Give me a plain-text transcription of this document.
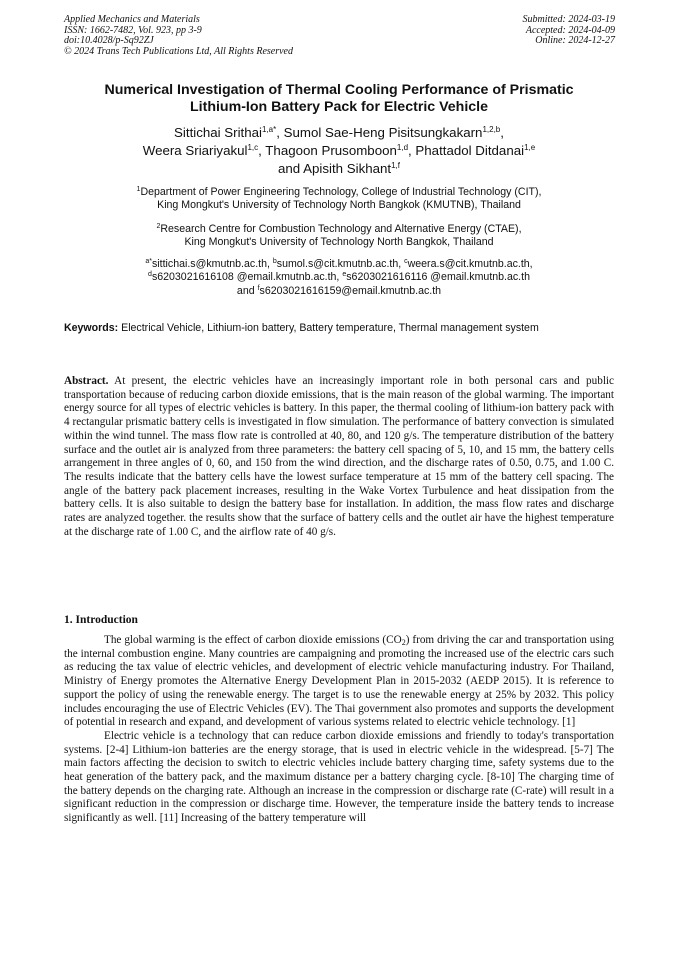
Applied Mechanics and Materials
ISSN: 1662-7482, Vol. 923, pp 3-9
doi:10.4028/p-Sq92ZJ
© 2024 Trans Tech Publications Ltd, All Rights Reserved
Submitted: 2024-03-19
Accepted: 2024-04-09
Online: 2024-12-27
Numerical Investigation of Thermal Cooling Performance of Prismatic
Lithium-Ion Battery Pack for Electric Vehicle
Sittichai Srithai$^{1,a*}$, Sumol Sae-Heng Pisitsungkakarn$^{1,2,b}$,
Weera Sriariyakul$^{1,c}$, Thagoon Prusomboon$^{1,d}$, Phattadol Ditdanai$^{1,e}$
and Apisith Sikhant$^{1,f}$
$^1$Department of Power Engineering Technology, College of Industrial Technology (CIT),
King Mongkut's University of Technology North Bangkok (KMUTNB), Thailand
$^2$Research Centre for Combustion Technology and Alternative Energy (CTAE),
King Mongkut's University of Technology North Bangkok, Thailand
$^{a*}$sittichai.s@kmutnb.ac.th, $^b$sumol.s@cit.kmutnb.ac.th, $^c$weera.s@cit.kmutnb.ac.th,
$^d$s6203021616108 @email.kmutnb.ac.th, $^e$s6203021616116 @email.kmutnb.ac.th
and $^f$s6203021616159@email.kmutnb.ac.th
Keywords: Electrical Vehicle, Lithium-ion battery, Battery temperature, Thermal management system
Abstract. At present, the electric vehicles have an increasingly important role in both personal cars and public transportation because of reducing carbon dioxide emissions, that is the main reason of the global warming. The important energy source for all types of electric vehicles is battery. In this paper, the thermal cooling of lithium-ion battery pack with 4 rectangular prismatic battery cells is investigated in flow simulation. The performance of battery convection is simulated within the wind tunnel. The mass flow rate is controlled at 40, 80, and 120 g/s. The temperature distribution of the battery surface and the outlet air is analyzed from three parameters: the battery cell spacing of 5, 10, and 15 mm, the battery cells arrangement in three angles of 0, 60, and 150 from the wind direction, and the discharge rates of 0.50, 0.75, and 1.00 C. The results indicate that the battery cells have the lowest surface temperature at 15 mm of the battery cell spacing. The angle of the battery pack placement increases, resulting in the Wake Vortex Turbulence and heat dissipation from the battery cells. It is also suitable to design the battery base for installation. In addition, the mass flow rates and discharge rates are analyzed together. the results show that the surface of battery cells and the outlet air have the highest temperature at the discharge rate of 1.00 C, and the airflow rate of 40 g/s.
1. Introduction

The global warming is the effect of carbon dioxide emissions $(CO_2)$ from driving the car and transportation using the internal combustion engine. Many countries are campaigning and promoting the increased use of the electric cars such as reducing the tax value of electric vehicles, and development of electric vehicle manufacturing industry. For Thailand, Ministry of Energy promotes the Alternative Energy Development Plan in 2015-2032 (AEDP 2015). It is reference to support the policy of using the renewable energy. The target is to use the renewable energy at 25% by 2032. This policy includes encouraging the use of Electric Vehicles (EV). The Thai government also promotes and supports the development of potential in research and expand, and development of various systems related to electric vehicle technology. [1]

Electric vehicle is a technology that can reduce carbon dioxide emissions and friendly to today's transportation systems. [2-4] Lithium-ion batteries are the energy storage, that is used in electric vehicle in the widespread. [5-7] The main factors affecting the decision to switch to electric vehicles include battery charging time, safety systems due to the heat generation of the battery pack, and the maximum distance per a battery charging cycle. [8-10] The charging time of the battery depends on the charging rate. Although an increase in the compression or discharge rate (C-rate) will result in a significant reduction in the compression or discharge time. However, the temperature inside the battery tends to increase significantly as well. [11] Increasing of the battery temperature will
